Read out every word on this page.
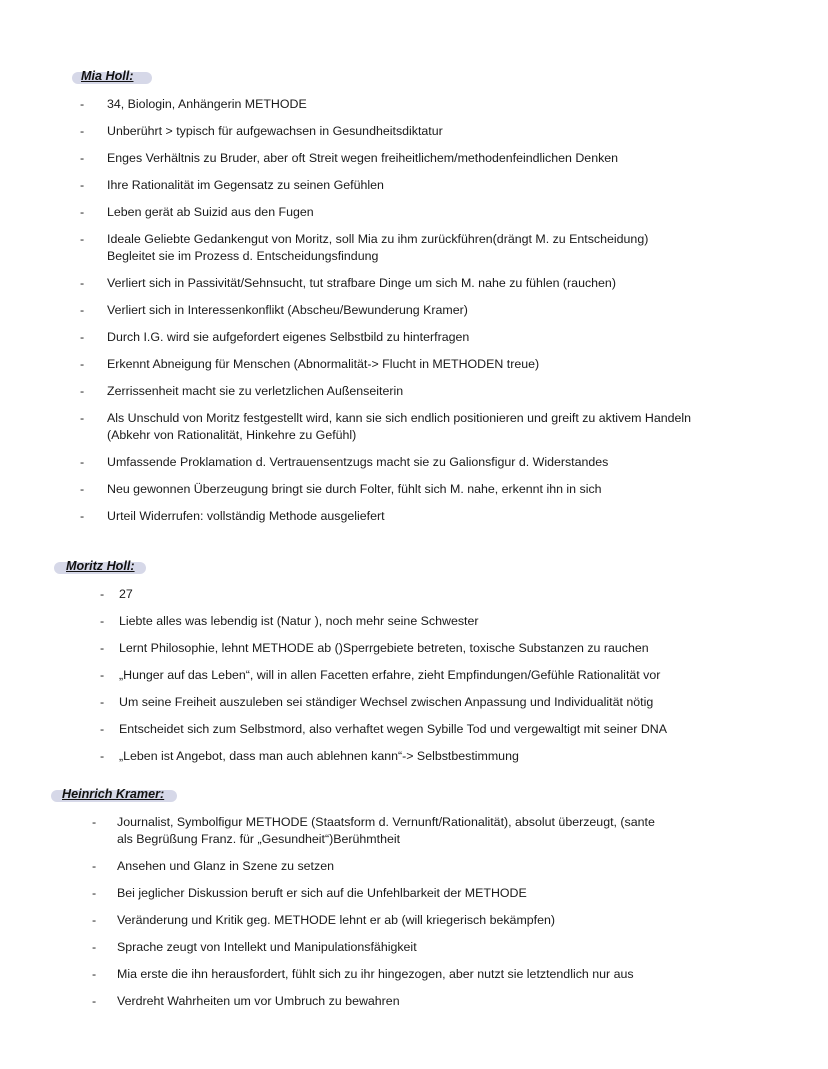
Mia Holl:
- 34, Biologin, Anhängerin METHODE
- Unberührt > typisch für aufgewachsen in Gesundheitsdiktatur
- Enges Verhältnis zu Bruder, aber oft Streit wegen freiheitlichem/methodenfeindlichen Denken
- Ihre Rationalität im Gegensatz zu seinen Gefühlen
- Leben gerät ab Suizid aus den Fugen
- Ideale Geliebte Gedankengut von Moritz, soll Mia zu ihm zurückführen(drängt M. zu Entscheidung)
Begleitet sie im Prozess d. Entscheidungsfindung
- Verliert sich in Passivität/Sehnsucht, tut strafbare Dinge um sich M. nahe zu fühlen (rauchen)
- Verliert sich in Interessenkonflikt (Abscheu/Bewunderung Kramer)
- Durch I.G. wird sie aufgefordert eigenes Selbstbild zu hinterfragen
- Erkennt Abneigung für Menschen (Abnormalität-> Flucht in METHODEN treue)
- Zerrissenheit macht sie zu verletzlichen Außenseiterin
- Als Unschuld von Moritz festgestellt wird, kann sie sich endlich positionieren und greift zu aktivem Handeln
(Abkehr von Rationalität, Hinkehre zu Gefühl)
- Umfassende Proklamation d. Vertrauensentzugs macht sie zu Galionsfigur d. Widerstandes
- Neu gewonnen Überzeugung bringt sie durch Folter, fühlt sich M. nahe, erkennt ihn in sich
- Urteil Widerrufen: vollständig Methode ausgeliefert
Moritz Holl:
- 27
- Liebte alles was lebendig ist (Natur ), noch mehr seine Schwester
- Lernt Philosophie, lehnt METHODE ab ()Sperrgebiete betreten, toxische Substanzen zu rauchen
- „Hunger auf das Leben“, will in allen Facetten erfahre, zieht Empfindungen/Gefühle Rationalität vor
- Um seine Freiheit auszuleben sei ständiger Wechsel zwischen Anpassung und Individualität nötig
- Entscheidet sich zum Selbstmord, also verhaftet wegen Sybille Tod und vergewaltigt mit seiner DNA
- „Leben ist Angebot, dass man auch ablehnen kann“-> Selbstbestimmung
Heinrich Kramer:
- Journalist, Symbolfigur METHODE (Staatsform d. Vernunft/Rationalität), absolut überzeugt, (sante
als Begrüßung Franz. für „Gesundheit“)Berühmtheit
- Ansehen und Glanz in Szene zu setzen
- Bei jeglicher Diskussion beruft er sich auf die Unfehlbarkeit der METHODE
- Veränderung und Kritik geg. METHODE lehnt er ab (will kriegerisch bekämpfen)
- Sprache zeugt von Intellekt und Manipulationsfähigkeit
- Mia erste die ihn herausfordert, fühlt sich zu ihr hingezogen, aber nutzt sie letztendlich nur aus
- Verdreht Wahrheiten um vor Umbruch zu bewahren
